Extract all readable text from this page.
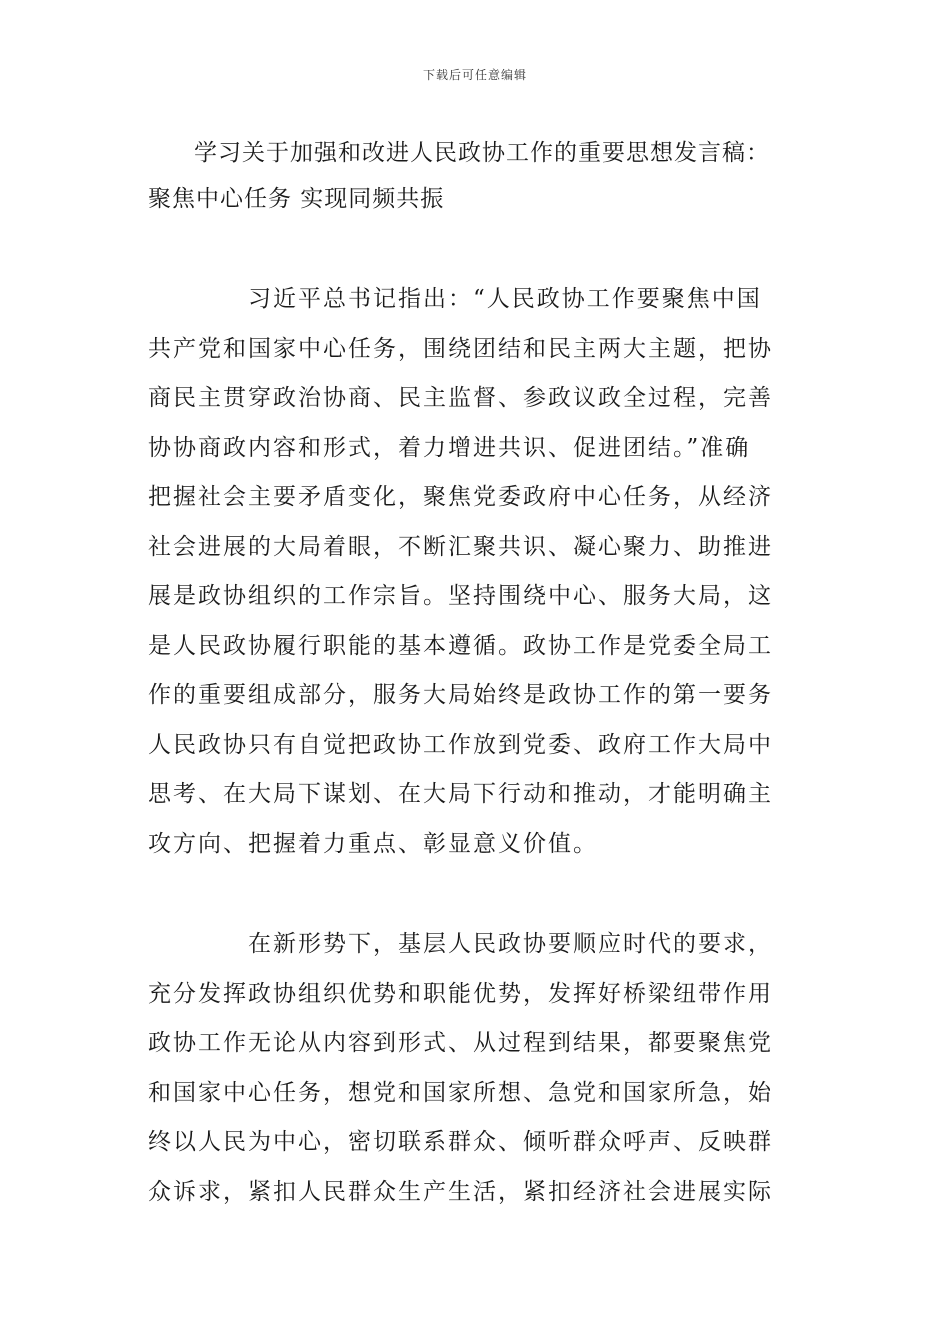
下载后可任意编辑
学习关于加强和改进人民政协工作的重要思想发言稿：
聚焦中心任务 实现同频共振
习近平总书记指出：“人民政协工作要聚焦中国
共产党和国家中心任务，围绕团结和民主两大主题，把协
商民主贯穿政治协商、民主监督、参政议政全过程，完善
协协商政内容和形式，着力增进共识、促进团结。”准确
把握社会主要矛盾变化，聚焦党委政府中心任务，从经济
社会进展的大局着眼，不断汇聚共识、凝心聚力、助推进
展是政协组织的工作宗旨。坚持围绕中心、服务大局，这
是人民政协履行职能的基本遵循。政协工作是党委全局工
作的重要组成部分，服务大局始终是政协工作的第一要务
人民政协只有自觉把政协工作放到党委、政府工作大局中
思考、在大局下谋划、在大局下行动和推动，才能明确主
攻方向、把握着力重点、彰显意义价值。
在新形势下，基层人民政协要顺应时代的要求，
充分发挥政协组织优势和职能优势，发挥好桥梁纽带作用
政协工作无论从内容到形式、从过程到结果，都要聚焦党
和国家中心任务，想党和国家所想、急党和国家所急，始
终以人民为中心，密切联系群众、倾听群众呼声、反映群
众诉求，紧扣人民群众生产生活，紧扣经济社会进展实际
